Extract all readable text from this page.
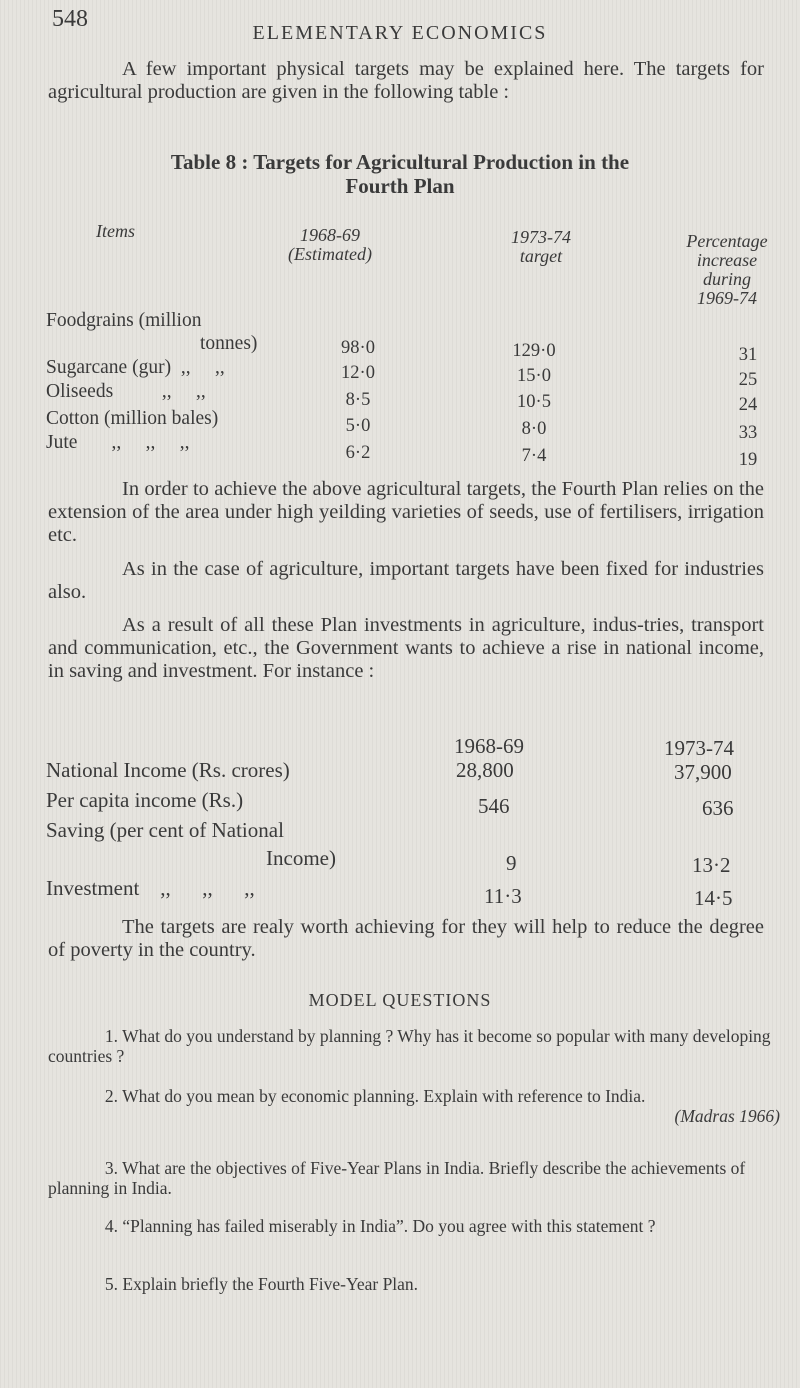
548
ELEMENTARY ECONOMICS

A few important physical targets may be explained here. The targets for agricultural production are given in the following table :

Table 8 : Targets for Agricultural Production in the
Fourth Plan
Items	1968-69
(Estimated)
1973-74
target
Percentage
increase
during
1969-74
Foodgrains (million
tonnes)	98·0	129·0	31
Sugarcane (gur)  ,,     ,,	12·0	15·0	25
Oliseeds          ,,     ,,	8·5	10·5	24
Cotton (million bales)	5·0	8·0	33
Jute       ,,     ,,     ,,	6·2	7·4	19

In order to achieve the above agricultural targets, the Fourth Plan relies on the extension of the area under high yeilding varieties of seeds, use of fertilisers, irrigation etc.

As in the case of agriculture, important targets have been fixed for industries also.

As a result of all these Plan investments in agriculture, indus-tries, transport and communication, etc., the Government wants to achieve a rise in national income, in saving and investment. For instance :

1968-69	1973-74
National Income (Rs. crores)	28,800	37,900
Per capita income (Rs.)	546	636
Saving (per cent of National
Income)	9	13·2
Investment    ,,      ,,      ,,	11·3	14·5

The targets are realy worth achieving for they will help to reduce the degree of poverty in the country.

MODEL QUESTIONS
1. What do you understand by planning ? Why has it become so popular with many developing countries ?
2. What do you mean by economic planning. Explain with reference to India.
(Madras 1966)
3. What are the objectives of Five-Year Plans in India. Briefly describe the achievements of planning in India.
4. “Planning has failed miserably in India”. Do you agree with this statement ?
5. Explain briefly the Fourth Five-Year Plan.
